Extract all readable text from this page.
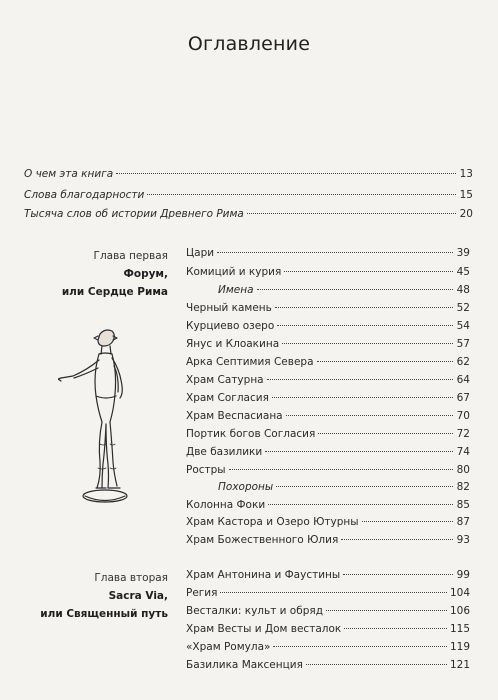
Оглавление
О чем эта книга	13
Слова благодарности	15
Тысяча слов об истории Древнего Рима	20
Глава первая
Форум,
или Сердце Рима
Цари	39
Комиций и курия	45
Имена	48
Черный камень	52
Курциево озеро	54
Янус и Клоакина	57
Арка Септимия Севера	62
Храм Сатурна	64
Храм Согласия	67
Храм Веспасиана	70
Портик богов Согласия	72
Две базилики	74
Ростры	80
Похороны	82
Колонна Фоки	85
Храм Кастора и Озеро Ютурны	87
Храм Божественного Юлия	93
Глава вторая
Sacra Via,
или Священный путь
Храм Антонина и Фаустины	99
Регия	104
Весталки: культ и обряд	106
Храм Весты и Дом весталок	115
«Храм Ромула»	119
Базилика Максенция	121
